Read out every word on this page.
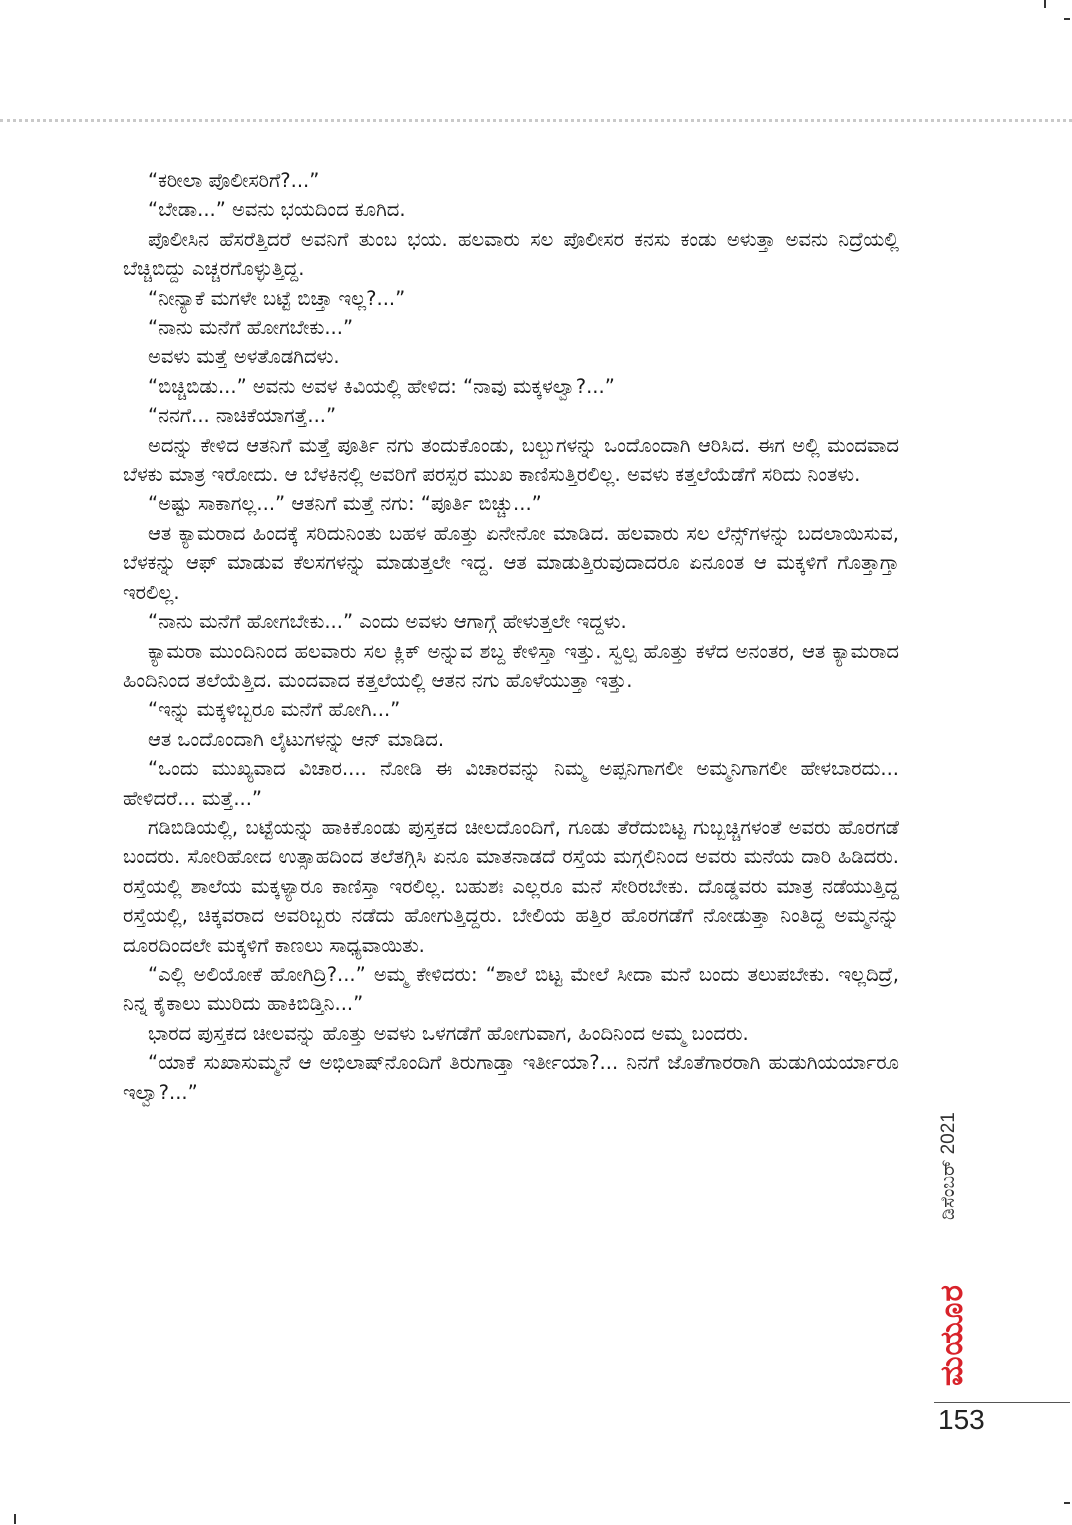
“ಕರೀಲಾ ಪೊಲೀಸರಿಗೆ?...”

“ಬೇಡಾ...” ಅವನು ಭಯದಿಂದ ಕೂಗಿದ.

ಪೊಲೀಸಿನ ಹೆಸರೆತ್ತಿದರೆ ಅವನಿಗೆ ತುಂಬ ಭಯ. ಹಲವಾರು ಸಲ ಪೊಲೀಸರ ಕನಸು ಕಂಡು ಅಳುತ್ತಾ ಅವನು ನಿದ್ರೆಯಲ್ಲಿ ಬೆಚ್ಚಿಬಿದ್ದು ಎಚ್ಚರಗೊಳ್ಳುತ್ತಿದ್ದ.

“ನೀನ್ಯಾಕೆ ಮಗಳೇ ಬಟ್ಟೆ ಬಿಚ್ತಾ ಇಲ್ಲ?...”

“ನಾನು ಮನೆಗೆ ಹೋಗಬೇಕು...”

ಅವಳು ಮತ್ತೆ ಅಳತೊಡಗಿದಳು.

“ಬಿಚ್ಚಿಬಿಡು...” ಅವನು ಅವಳ ಕಿವಿಯಲ್ಲಿ ಹೇಳಿದ: “ನಾವು ಮಕ್ಕಳಲ್ವಾ?...”

“ನನಗೆ... ನಾಚಿಕೆಯಾಗತ್ತೆ...”

ಅದನ್ನು ಕೇಳಿದ ಆತನಿಗೆ ಮತ್ತೆ ಪೂರ್ತಿ ನಗು ತಂದುಕೊಂಡು, ಬಲ್ಬುಗಳನ್ನು ಒಂದೊಂದಾಗಿ ಆರಿಸಿದ. ಈಗ ಅಲ್ಲಿ ಮಂದವಾದ ಬೆಳಕು ಮಾತ್ರ ಇರೋದು. ಆ ಬೆಳಕಿನಲ್ಲಿ ಅವರಿಗೆ ಪರಸ್ಪರ ಮುಖ ಕಾಣಿಸುತ್ತಿರಲಿಲ್ಲ. ಅವಳು ಕತ್ತಲೆಯೆಡೆಗೆ ಸರಿದು ನಿಂತಳು.

“ಅಷ್ಟು ಸಾಕಾಗಲ್ಲ...” ಆತನಿಗೆ ಮತ್ತೆ ನಗು: “ಪೂರ್ತಿ ಬಿಚ್ಚು...”

ಆತ ಕ್ಯಾಮರಾದ ಹಿಂದಕ್ಕೆ ಸರಿದುನಿಂತು ಬಹಳ ಹೊತ್ತು ಏನೇನೋ ಮಾಡಿದ. ಹಲವಾರು ಸಲ ಲೆನ್ಸ್‌ಗಳನ್ನು ಬದಲಾಯಿಸುವ, ಬೆಳಕನ್ನು ಆಫ್ ಮಾಡುವ ಕೆಲಸಗಳನ್ನು ಮಾಡುತ್ತಲೇ ಇದ್ದ. ಆತ ಮಾಡುತ್ತಿರುವುದಾದರೂ ಏನೂಂತ ಆ ಮಕ್ಕಳಿಗೆ ಗೊತ್ತಾಗ್ತಾ ಇರಲಿಲ್ಲ.

“ನಾನು ಮನೆಗೆ ಹೋಗಬೇಕು...” ಎಂದು ಅವಳು ಆಗಾಗ್ಗೆ ಹೇಳುತ್ತಲೇ ಇದ್ದಳು.

ಕ್ಯಾಮರಾ ಮುಂದಿನಿಂದ ಹಲವಾರು ಸಲ ಕ್ಲಿಕ್ ಅನ್ನುವ ಶಬ್ದ ಕೇಳಿಸ್ತಾ ಇತ್ತು. ಸ್ವಲ್ಪ ಹೊತ್ತು ಕಳೆದ ಅನಂತರ, ಆತ ಕ್ಯಾಮರಾದ ಹಿಂದಿನಿಂದ ತಲೆಯೆತ್ತಿದ. ಮಂದವಾದ ಕತ್ತಲೆಯಲ್ಲಿ ಆತನ ನಗು ಹೊಳೆಯುತ್ತಾ ಇತ್ತು.

“ಇನ್ನು ಮಕ್ಕಳಿಬ್ಬರೂ ಮನೆಗೆ ಹೋಗಿ...”

ಆತ ಒಂದೊಂದಾಗಿ ಲೈಟುಗಳನ್ನು ಆನ್ ಮಾಡಿದ.

“ಒಂದು ಮುಖ್ಯವಾದ ವಿಚಾರ.... ನೋಡಿ ಈ ವಿಚಾರವನ್ನು ನಿಮ್ಮ ಅಪ್ಪನಿಗಾಗಲೀ ಅಮ್ಮನಿಗಾಗಲೀ ಹೇಳಬಾರದು... ಹೇಳಿದರೆ... ಮತ್ತೆ...”

ಗಡಿಬಿಡಿಯಲ್ಲಿ, ಬಟ್ಟೆಯನ್ನು ಹಾಕಿಕೊಂಡು ಪುಸ್ತಕದ ಚೀಲದೊಂದಿಗೆ, ಗೂಡು ತೆರೆದುಬಿಟ್ಟ ಗುಬ್ಬಚ್ಚಿಗಳಂತೆ ಅವರು ಹೊರಗಡೆ ಬಂದರು. ಸೋರಿಹೋದ ಉತ್ಸಾಹದಿಂದ ತಲೆತಗ್ಗಿಸಿ ಏನೂ ಮಾತನಾಡದೆ ರಸ್ತೆಯ ಮಗ್ಗಲಿನಿಂದ ಅವರು ಮನೆಯ ದಾರಿ ಹಿಡಿದರು. ರಸ್ತೆಯಲ್ಲಿ ಶಾಲೆಯ ಮಕ್ಕಳ್ಯಾರೂ ಕಾಣಿಸ್ತಾ ಇರಲಿಲ್ಲ. ಬಹುಶಃ ಎಲ್ಲರೂ ಮನೆ ಸೇರಿರಬೇಕು. ದೊಡ್ಡವರು ಮಾತ್ರ ನಡೆಯುತ್ತಿದ್ದ ರಸ್ತೆಯಲ್ಲಿ, ಚಿಕ್ಕವರಾದ ಅವರಿಬ್ಬರು ನಡೆದು ಹೋಗುತ್ತಿದ್ದರು. ಬೇಲಿಯ ಹತ್ತಿರ ಹೊರಗಡೆಗೆ ನೋಡುತ್ತಾ ನಿಂತಿದ್ದ ಅಮ್ಮನನ್ನು ದೂರದಿಂದಲೇ ಮಕ್ಕಳಿಗೆ ಕಾಣಲು ಸಾಧ್ಯವಾಯಿತು.

“ಎಲ್ಲಿ ಅಲಿಯೋಕೆ ಹೋಗಿದ್ರಿ?...” ಅಮ್ಮ ಕೇಳಿದರು: “ಶಾಲೆ ಬಿಟ್ಟ ಮೇಲೆ ಸೀದಾ ಮನೆ ಬಂದು ತಲುಪಬೇಕು. ಇಲ್ಲದಿದ್ರೆ, ನಿನ್ನ ಕೈಕಾಲು ಮುರಿದು ಹಾಕಿಬಿಡ್ತಿನಿ...”

ಭಾರದ ಪುಸ್ತಕದ ಚೀಲವನ್ನು ಹೊತ್ತು ಅವಳು ಒಳಗಡೆಗೆ ಹೋಗುವಾಗ, ಹಿಂದಿನಿಂದ ಅಮ್ಮ ಬಂದರು.

“ಯಾಕೆ ಸುಖಾಸುಮ್ಮನೆ ಆ ಅಭಿಲಾಷ್‌ನೊಂದಿಗೆ ತಿರುಗಾಡ್ತಾ ಇರ್ತೀಯಾ?... ನಿನಗೆ ಜೊತೆಗಾರರಾಗಿ ಹುಡುಗಿಯರ್ಯಾರೂ ಇಲ್ವಾ?...”

ಡಿಸೆಂಬರ್ 2021
ಮಯೂರ
153
